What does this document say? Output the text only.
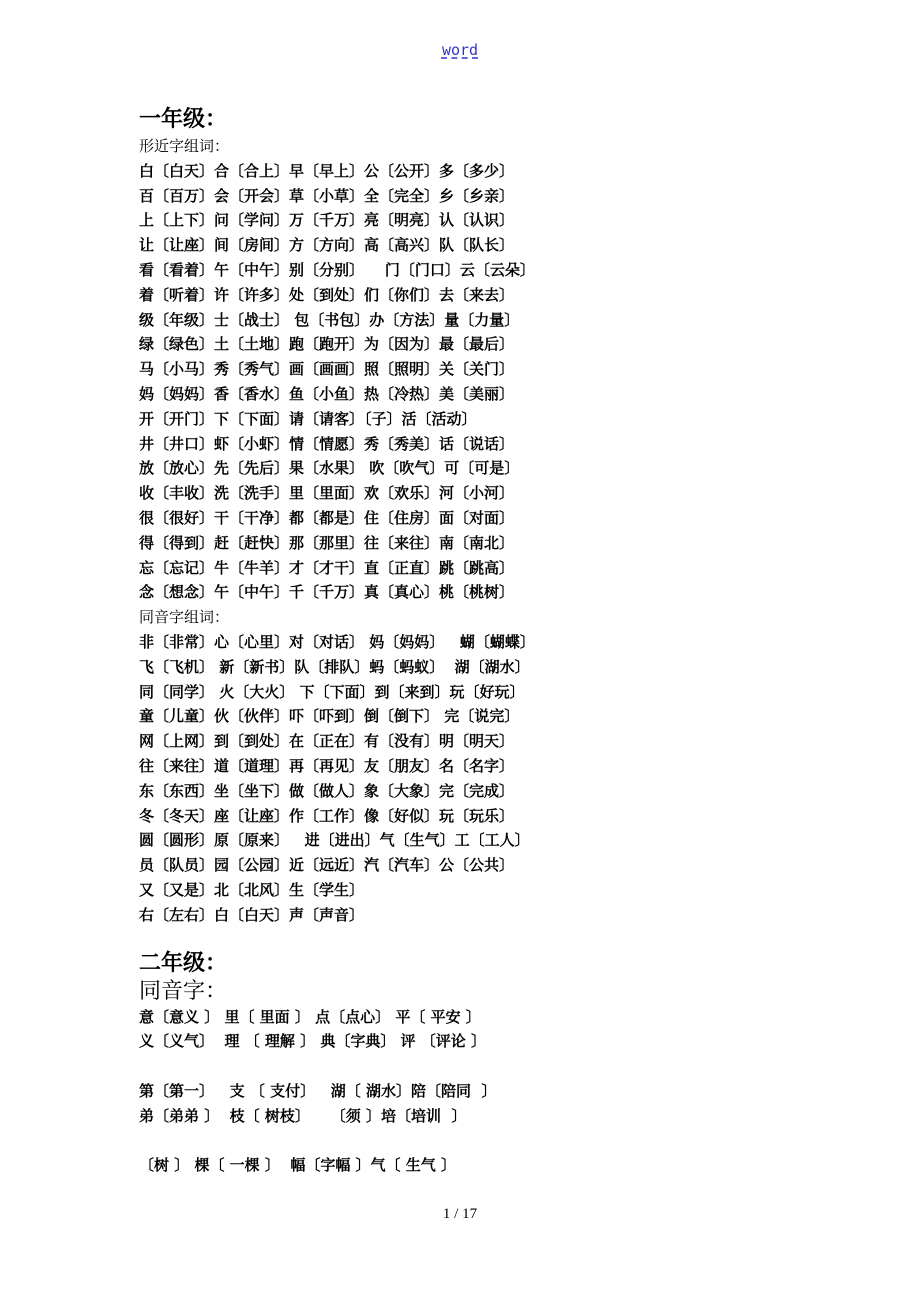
word
一年级：
形近字组词：
白〔白天〕合〔合上〕早〔早上〕公〔公开〕多〔多少〕
百〔百万〕会〔开会〕草〔小草〕全〔完全〕乡〔乡亲〕
上〔上下〕问〔学问〕万〔千万〕亮〔明亮〕认〔认识〕
让〔让座〕间〔房间〕方〔方向〕高〔高兴〕队〔队长〕
看〔看着〕午〔中午〕别〔分别〕    门〔门口〕云〔云朵〕
着〔听着〕许〔许多〕处〔到处〕们〔你们〕去〔来去〕
级〔年级〕士〔战士〕 包〔书包〕办〔方法〕量〔力量〕
绿〔绿色〕土〔土地〕跑〔跑开〕为〔因为〕最〔最后〕
马〔小马〕秀〔秀气〕画〔画画〕照〔照明〕关〔关门〕
妈〔妈妈〕香〔香水〕鱼〔小鱼〕热〔冷热〕美〔美丽〕
开〔开门〕下〔下面〕请〔请客〕〔子〕活〔活动〕
井〔井口〕虾〔小虾〕情〔情愿〕秀〔秀美〕话〔说话〕
放〔放心〕先〔先后〕果〔水果〕 吹〔吹气〕可〔可是〕
收〔丰收〕洗〔洗手〕里〔里面〕欢〔欢乐〕河〔小河〕
很〔很好〕干〔干净〕都〔都是〕住〔住房〕面〔对面〕
得〔得到〕赶〔赶快〕那〔那里〕往〔来往〕南〔南北〕
忘〔忘记〕牛〔牛羊〕才〔才干〕直〔正直〕跳〔跳高〕
念〔想念〕午〔中午〕千〔千万〕真〔真心〕桃〔桃树〕
同音字组词：
非〔非常〕心〔心里〕对〔对话〕 妈〔妈妈〕   蝴〔蝴蝶〕
飞〔飞机〕 新〔新书〕队〔排队〕蚂〔蚂蚁〕  湖〔湖水〕
同〔同学〕 火〔大火〕 下〔下面〕到〔来到〕玩〔好玩〕
童〔儿童〕伙〔伙伴〕吓〔吓到〕倒〔倒下〕 完〔说完〕
网〔上网〕到〔到处〕在〔正在〕有〔没有〕明〔明天〕
往〔来往〕道〔道理〕再〔再见〕友〔朋友〕名〔名字〕
东〔东西〕坐〔坐下〕做〔做人〕象〔大象〕完〔完成〕
冬〔冬天〕座〔让座〕作〔工作〕像〔好似〕玩〔玩乐〕
圆〔圆形〕原〔原来〕   进〔进出〕气〔生气〕工〔工人〕
员〔队员〕园〔公园〕近〔远近〕汽〔汽车〕公〔公共〕
又〔又是〕北〔北风〕生〔学生〕
右〔左右〕白〔白天〕声〔声音〕
二年级：
同音字：
意〔意义 〕 里〔 里面 〕 点〔点心〕 平〔 平安 〕
义〔义气〕  理 〔 理解 〕 典〔字典〕 评 〔评论 〕
第〔第一〕   支 〔 支付〕   湖〔 湖水〕陪〔陪同  〕
弟〔弟弟 〕  枝〔 树枝〕    〔须 〕培〔培训  〕
〔树 〕 棵〔 一棵 〕  幅〔字幅 〕气〔 生气 〕
1 / 17
